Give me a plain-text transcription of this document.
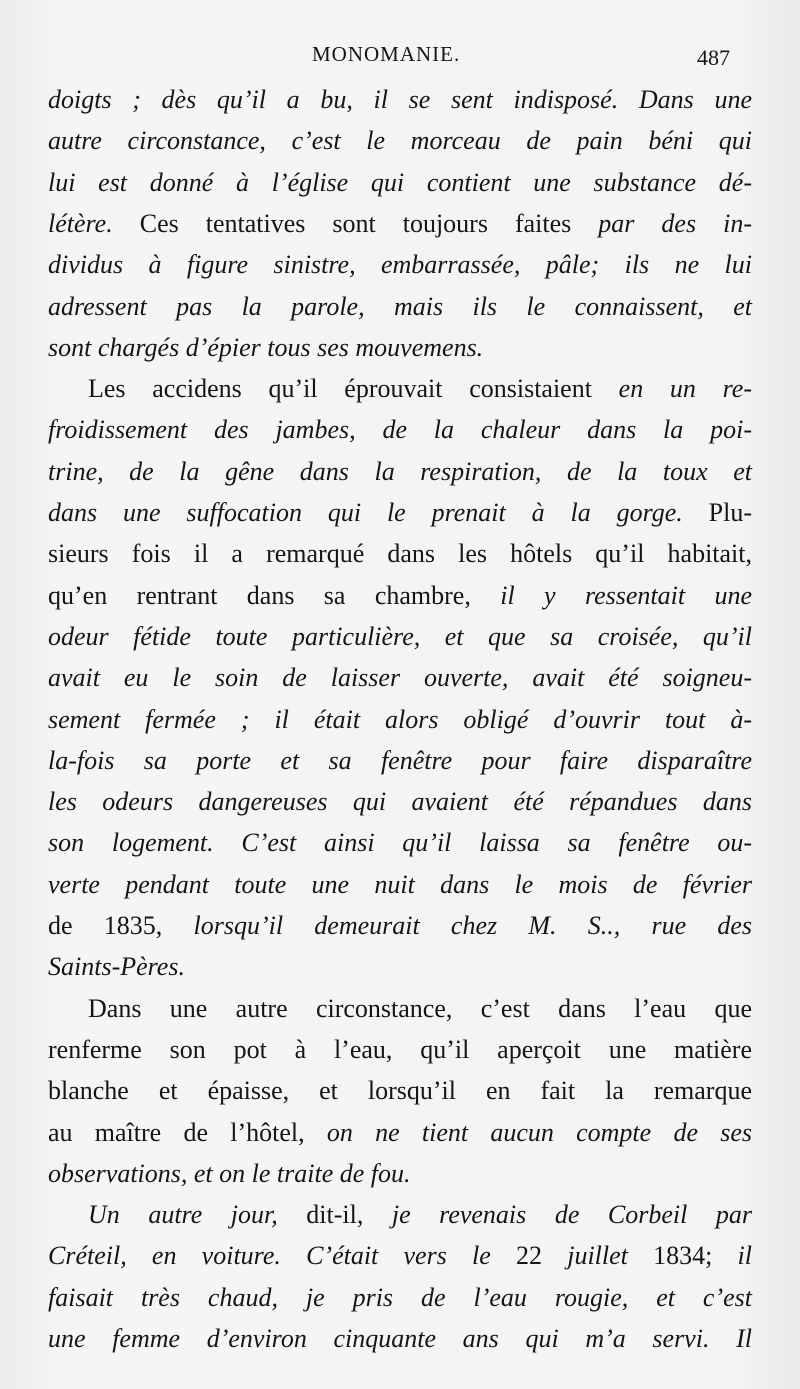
MONOMANIE.	487
doigts ; dès qu’il a bu, il se sent indisposé. Dans une
autre circonstance, c’est le morceau de pain béni qui
lui est donné à l’église qui contient une substance dé-
létère. Ces tentatives sont toujours faites par des in-
dividus à figure sinistre, embarrassée, pâle; ils ne lui
adressent pas la parole, mais ils le connaissent, et
sont chargés d’épier tous ses mouvemens.
Les accidens qu’il éprouvait consistaient en un re-
froidissement des jambes, de la chaleur dans la poi-
trine, de la gêne dans la respiration, de la toux et
dans une suffocation qui le prenait à la gorge. Plu-
sieurs fois il a remarqué dans les hôtels qu’il habitait,
qu’en rentrant dans sa chambre, il y ressentait une
odeur fétide toute particulière, et que sa croisée, qu’il
avait eu le soin de laisser ouverte, avait été soigneu-
sement fermée ; il était alors obligé d’ouvrir tout à-
la-fois sa porte et sa fenêtre pour faire disparaître
les odeurs dangereuses qui avaient été répandues dans
son logement. C’est ainsi qu’il laissa sa fenêtre ou-
verte pendant toute une nuit dans le mois de février
de 1835, lorsqu’il demeurait chez M. S.., rue des
Saints-Pères.
Dans une autre circonstance, c’est dans l’eau que
renferme son pot à l’eau, qu’il aperçoit une matière
blanche et épaisse, et lorsqu’il en fait la remarque
au maître de l’hôtel, on ne tient aucun compte de ses
observations, et on le traite de fou.
Un autre jour, dit-il, je revenais de Corbeil par
Créteil, en voiture. C’était vers le 22 juillet 1834; il
faisait très chaud, je pris de l’eau rougie, et c’est
une femme d’environ cinquante ans qui m’a servi. Il
